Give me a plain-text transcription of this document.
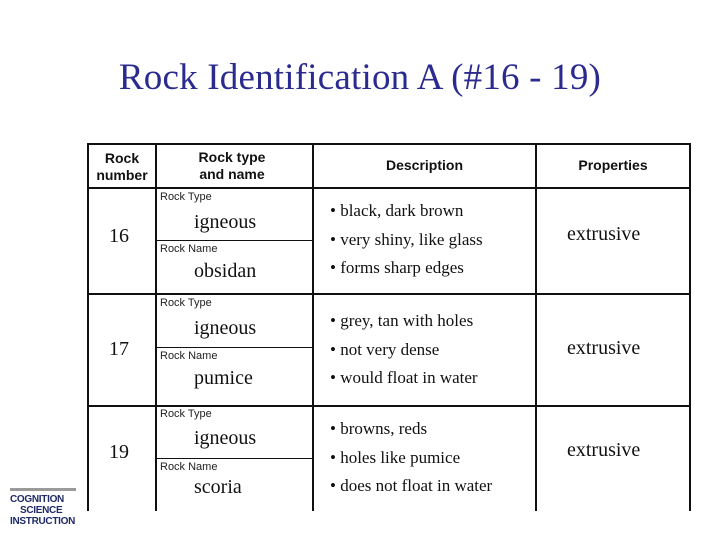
Rock Identification A (#16 - 19)
Rock number
Rock type and name
Description	Properties
16
Rock Type
igneous
Rock Name
obsidan
• black, dark brown
• very shiny, like glass
• forms sharp edges
extrusive
17
Rock Type
igneous
Rock Name
pumice
• grey, tan with holes
• not very dense
• would float in water
extrusive
19
Rock Type
igneous
Rock Name
scoria
• browns, reds
• holes like pumice
• does not float in water
extrusive
COGNITION
SCIENCE
INSTRUCTION
